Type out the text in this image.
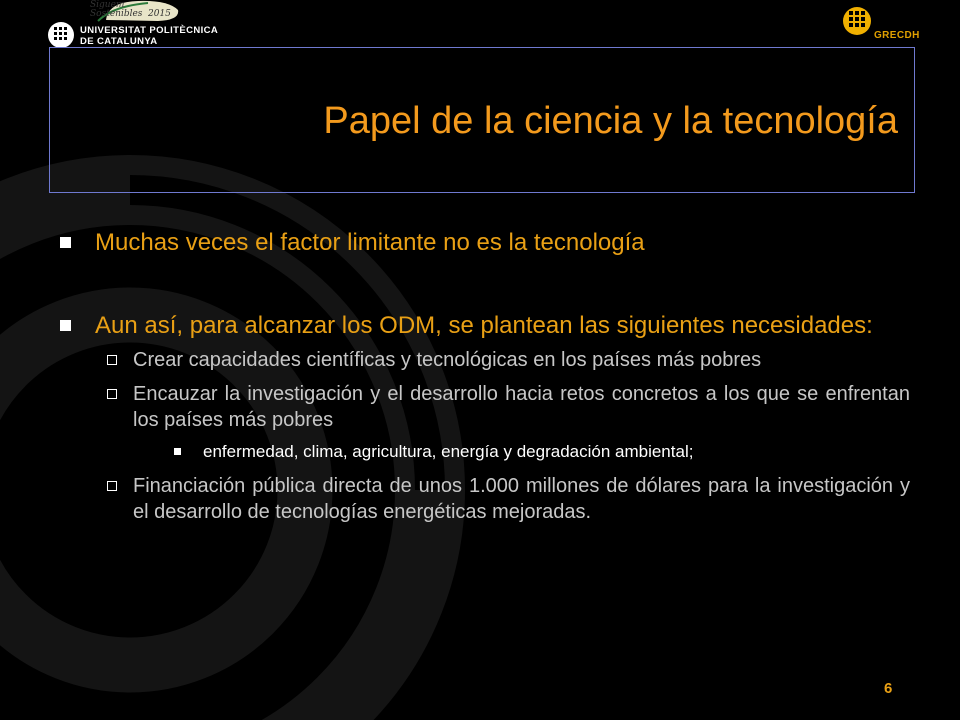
Siguem
Sostenibles 2015
UNIVERSITAT POLITÈCNICA
DE CATALUNYA
GRECDH
Papel de la ciencia y la tecnología
Muchas veces el factor limitante no es la tecnología
Aun así, para alcanzar los ODM, se plantean las siguientes necesidades:
Crear capacidades científicas y tecnológicas en los países más pobres
Encauzar la investigación y el desarrollo hacia retos concretos a los que se enfrentan los países más pobres
enfermedad, clima, agricultura, energía y degradación ambiental;
Financiación pública directa de unos 1.000 millones de dólares para la investigación y el desarrollo de tecnologías energéticas mejoradas.
6
